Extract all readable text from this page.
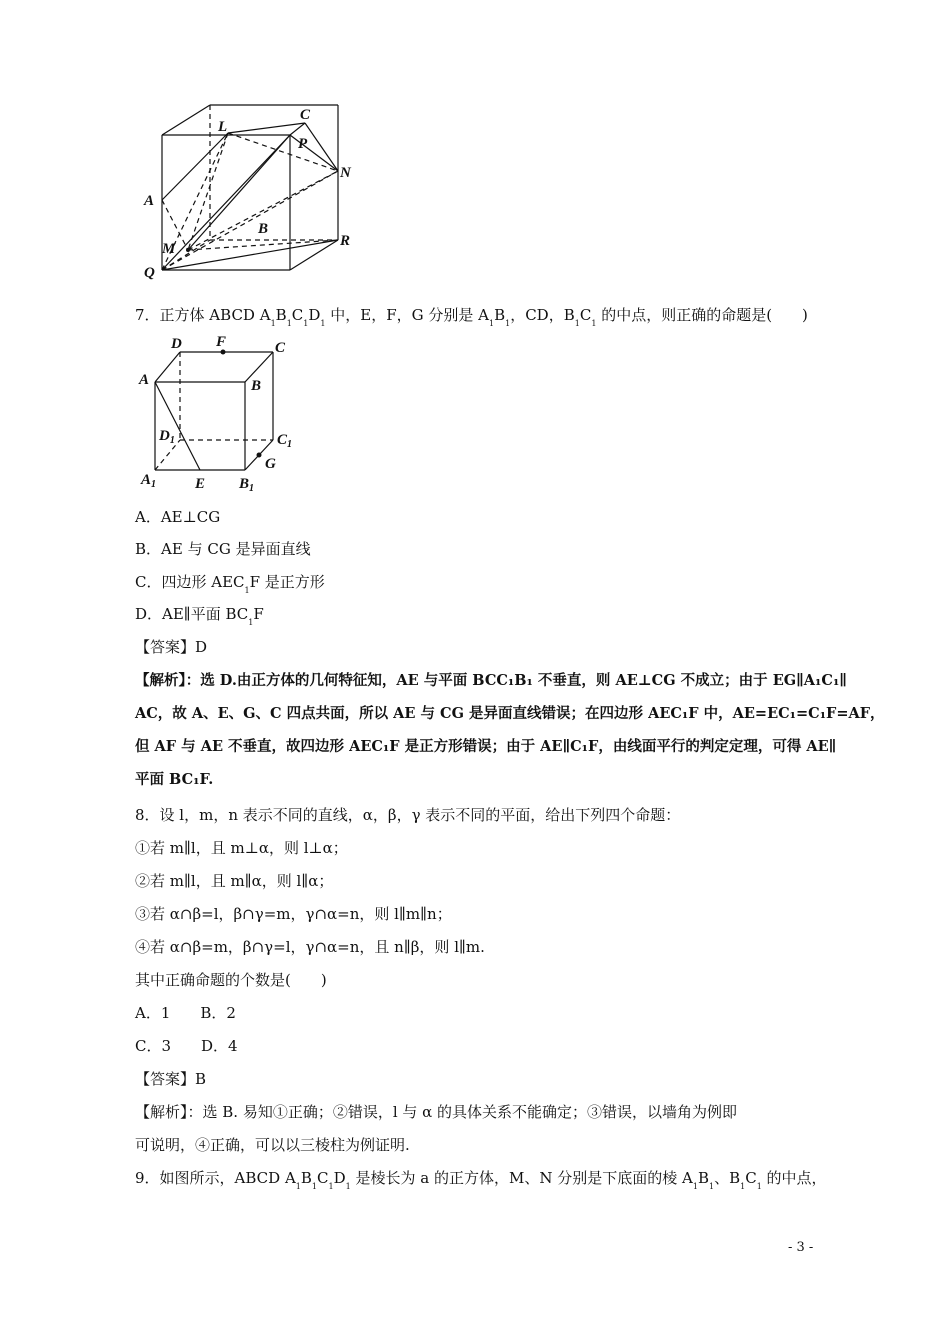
A
L
C
P
N
M
B
R
Q
7．正方体 ABCD $A_1B_1C_1D_1$ 中，E，F，G 分别是 $A_1B_1$，CD，$B_1C_1$ 的中点，则正确的命题是(　　)
D F	C
A	B
$D_1$	$C_1$
$A_1$	E $B_1$
G
A．AE⊥CG
B．AE 与 CG 是异面直线
C．四边形 $AEC_1F$ 是正方形
D．AE∥平面 $BC_1F$
【答案】D
【解析】：选 D.由正方体的几何特征知，AE 与平面 BCC₁B₁ 不垂直，则 AE⊥CG 不成立；由于 EG∥A₁C₁∥
AC，故 A、E、G、C 四点共面，所以 AE 与 CG 是异面直线错误；在四边形 AEC₁F 中，AE=EC₁=C₁F=AF，
但 AF 与 AE 不垂直，故四边形 AEC₁F 是正方形错误；由于 AE∥C₁F，由线面平行的判定定理，可得 AE∥
平面 BC₁F.
8．设 l，m，n 表示不同的直线，α，β，γ 表示不同的平面，给出下列四个命题：
①若 m∥l，且 m⊥α，则 l⊥α；
②若 m∥l，且 m∥α，则 l∥α；
③若 α∩β=l，β∩γ=m，γ∩α=n，则 l∥m∥n；
④若 α∩β=m，β∩γ=l，γ∩α=n，且 n∥β，则 l∥m.
其中正确命题的个数是(　　)
A．1　　B．2
C．3　　D．4
【答案】B
【解析】：选 B. 易知①正确；②错误，l 与 α 的具体关系不能确定；③错误，以墙角为例即
可说明，④正确，可以以三棱柱为例证明.
9．如图所示，ABCD $A_1B_1C_1D_1$ 是棱长为 a 的正方体，M、N 分别是下底面的棱 $A_1B_1$、$B_1C_1$ 的中点，
- 3 -
